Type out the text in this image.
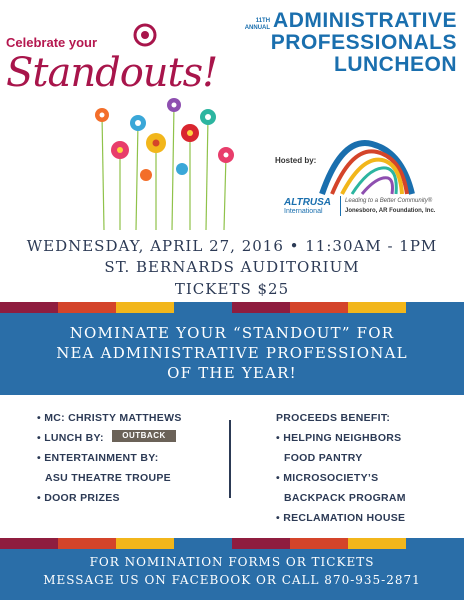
Celebrate your
Standouts!
11TH
ANNUAL ADMINISTRATIVE
PROFESSIONALS
LUNCHEON
Hosted by:
ALTRUSA
International
Leading to a Better Community®
Jonesboro, AR Foundation, Inc.
WEDNESDAY, APRIL 27, 2016 • 11:30AM - 1PM
ST. BERNARDS AUDITORIUM
TICKETS $25
NOMINATE YOUR “STANDOUT” FOR
NEA ADMINISTRATIVE PROFESSIONAL
OF THE YEAR!
• MC: CHRISTY MATTHEWS
• LUNCH BY:	OUTBACK
• ENTERTAINMENT BY:
ASU THEATRE TROUPE
• DOOR PRIZES
PROCEEDS BENEFIT:
• HELPING NEIGHBORS
FOOD PANTRY
• MICROSOCIETY’S
BACKPACK PROGRAM
• RECLAMATION HOUSE
FOR NOMINATION FORMS OR TICKETS
MESSAGE US ON FACEBOOK OR CALL 870-935-2871
